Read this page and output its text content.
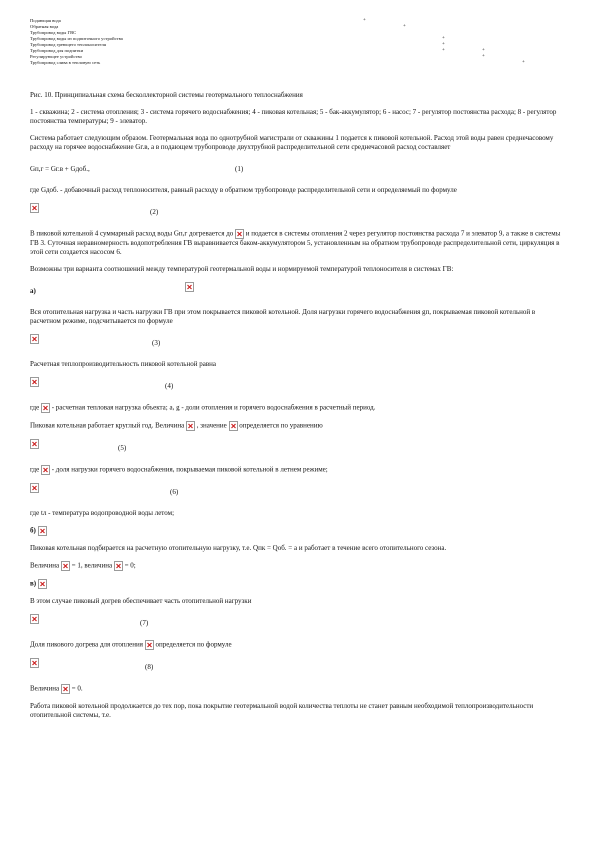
Подающая вода	+
Обратная вода	+
Трубопровод воды ГВС
Трубопровод воды из подпиточного устройства	+
Трубопровод греющего теплоносителя	+
Трубопровод для подпитки	+	+
Регулирующее устройство	+
Трубопровод слива в тепловую сеть	+

Рис. 10. Принципиальная схема бесколлекторной системы геотермального теплоснабжения

1 - скважина; 2 - система отопления; 3 - система горячего водоснабжения; 4 - пиковая котельная; 5 - бак-аккумулятор; 6 - насос; 7 - регулятор постоянства расхода; 8 - регулятор постоянства температуры; 9 - элеватор.

Система работает следующим образом. Геотермальная вода по однотрубной магистрали от скважины 1 подается к пиковой котельной. Расход этой воды равен среднечасовому расходу на горячее водоснабжение Gг.в, а в подающем трубопроводе двухтрубной распределительной сети среднечасовой расход составляет

Gп,г = Gг.в + Gдоб.,	(1)

где Gдоб. - добавочный расход теплоносителя, равный расходу в обратном трубопроводе распределительной сети и определяемый по формуле

(2)

В пиковой котельной 4 суммарный расход воды Gп,г догревается до и подается в системы отопления 2 через регулятор постоянства расхода 7 и элеватор 9, а также в системы ГВ 3. Суточная неравномерность водопотребления ГВ выравнивается баком-аккумулятором 5, установленным на обратном трубопроводе распределительной сети, циркуляция в этой сети создается насосом 6.

Возможны три варианта соотношений между температурой геотермальной воды и нормируемой температурой теплоносителя в системах ГВ:

а)

Вся отопительная нагрузка и часть нагрузки ГВ при этом покрывается пиковой котельной. Доля нагрузки горячего водоснабжения gп, покрываемая пиковой котельной в расчетном режиме, подсчитывается по формуле

(3)

Расчетная теплопроизводительность пиковой котельной равна

(4)

где - расчетная тепловая нагрузка объекта; a, g - доли отопления и горячего водоснабжения в расчетный период.

Пиковая котельная работает круглый год. Величина , значение определяется по уравнению

(5)

где - доля нагрузки горячего водоснабжения, покрываемая пиковой котельной в летнем режиме;

(6)

где tл - температура водопроводной воды летом;

б)

Пиковая котельная подбирается на расчетную отопительную нагрузку, т.е. Qпк = Qоб. = a и работает в течение всего отопительного сезона.

Величина = 1, величина = 0;

в)

В этом случае пиковый догрев обеспечивает часть отопительной нагрузки

(7)

Доля пикового догрева для отопления определяется по формуле

(8)

Величина = 0.

Работа пиковой котельной продолжается до тех пор, пока покрытие геотермальной водой количества теплоты не станет равным необходимой теплопроизводительности отопительной системы, т.е.
